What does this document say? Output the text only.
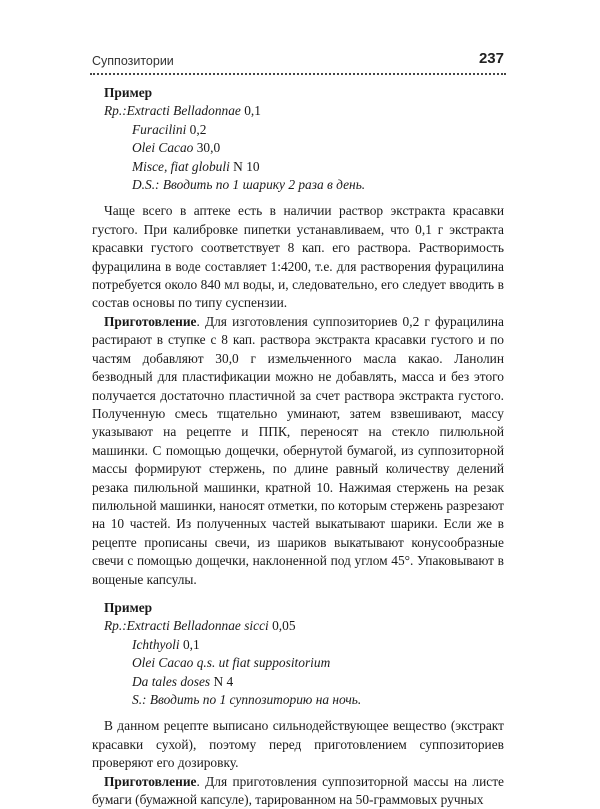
Суппозитории	237
Пример
Rp.:Extracti Belladonnae 0,1
Furacilini 0,2
Olei Cacao 30,0
Misce, fiat globuli N 10
D.S.: Вводить по 1 шарику 2 раза в день.

Чаще всего в аптеке есть в наличии раствор экстракта красавки густого. При калибровке пипетки устанавливаем, что 0,1 г экстракта красавки густого соответствует 8 кап. его раствора. Растворимость фурацилина в воде составляет 1:4200, т.е. для растворения фурацилина потребуется около 840 мл воды, и, следовательно, его следует вводить в состав основы по типу суспензии.

Приготовление. Для изготовления суппозиториев 0,2 г фурацилина растирают в ступке с 8 кап. раствора экстракта красавки густого и по частям добавляют 30,0 г измельченного масла какао. Ланолин безводный для пластификации можно не добавлять, масса и без этого получается достаточно пластичной за счет раствора экстракта густого. Полученную смесь тщательно уминают, затем взвешивают, массу указывают на рецепте и ППК, переносят на стекло пилюльной машинки. С помощью дощечки, обернутой бумагой, из суппозиторной массы формируют стержень, по длине равный количеству делений резака пилюльной машинки, кратной 10. Нажимая стержень на резак пилюльной машинки, наносят отметки, по которым стержень разрезают на 10 частей. Из полученных частей выкатывают шарики. Если же в рецепте прописаны свечи, из шариков выкатывают конусообразные свечи с помощью дощечки, наклоненной под углом 45°. Упаковывают в вощеные капсулы.

Пример
Rp.:Extracti Belladonnae sicci 0,05
Ichthyoli 0,1
Olei Cacao q.s. ut fiat suppositorium
Da tales doses N 4
S.: Вводить по 1 суппозиторию на ночь.

В данном рецепте выписано сильнодействующее вещество (экстракт красавки сухой), поэтому перед приготовлением суппозиториев проверяют его дозировку.

Приготовление. Для приготовления суппозиторной массы на листе бумаги (бумажной капсуле), тарированном на 50-граммовых ручных
